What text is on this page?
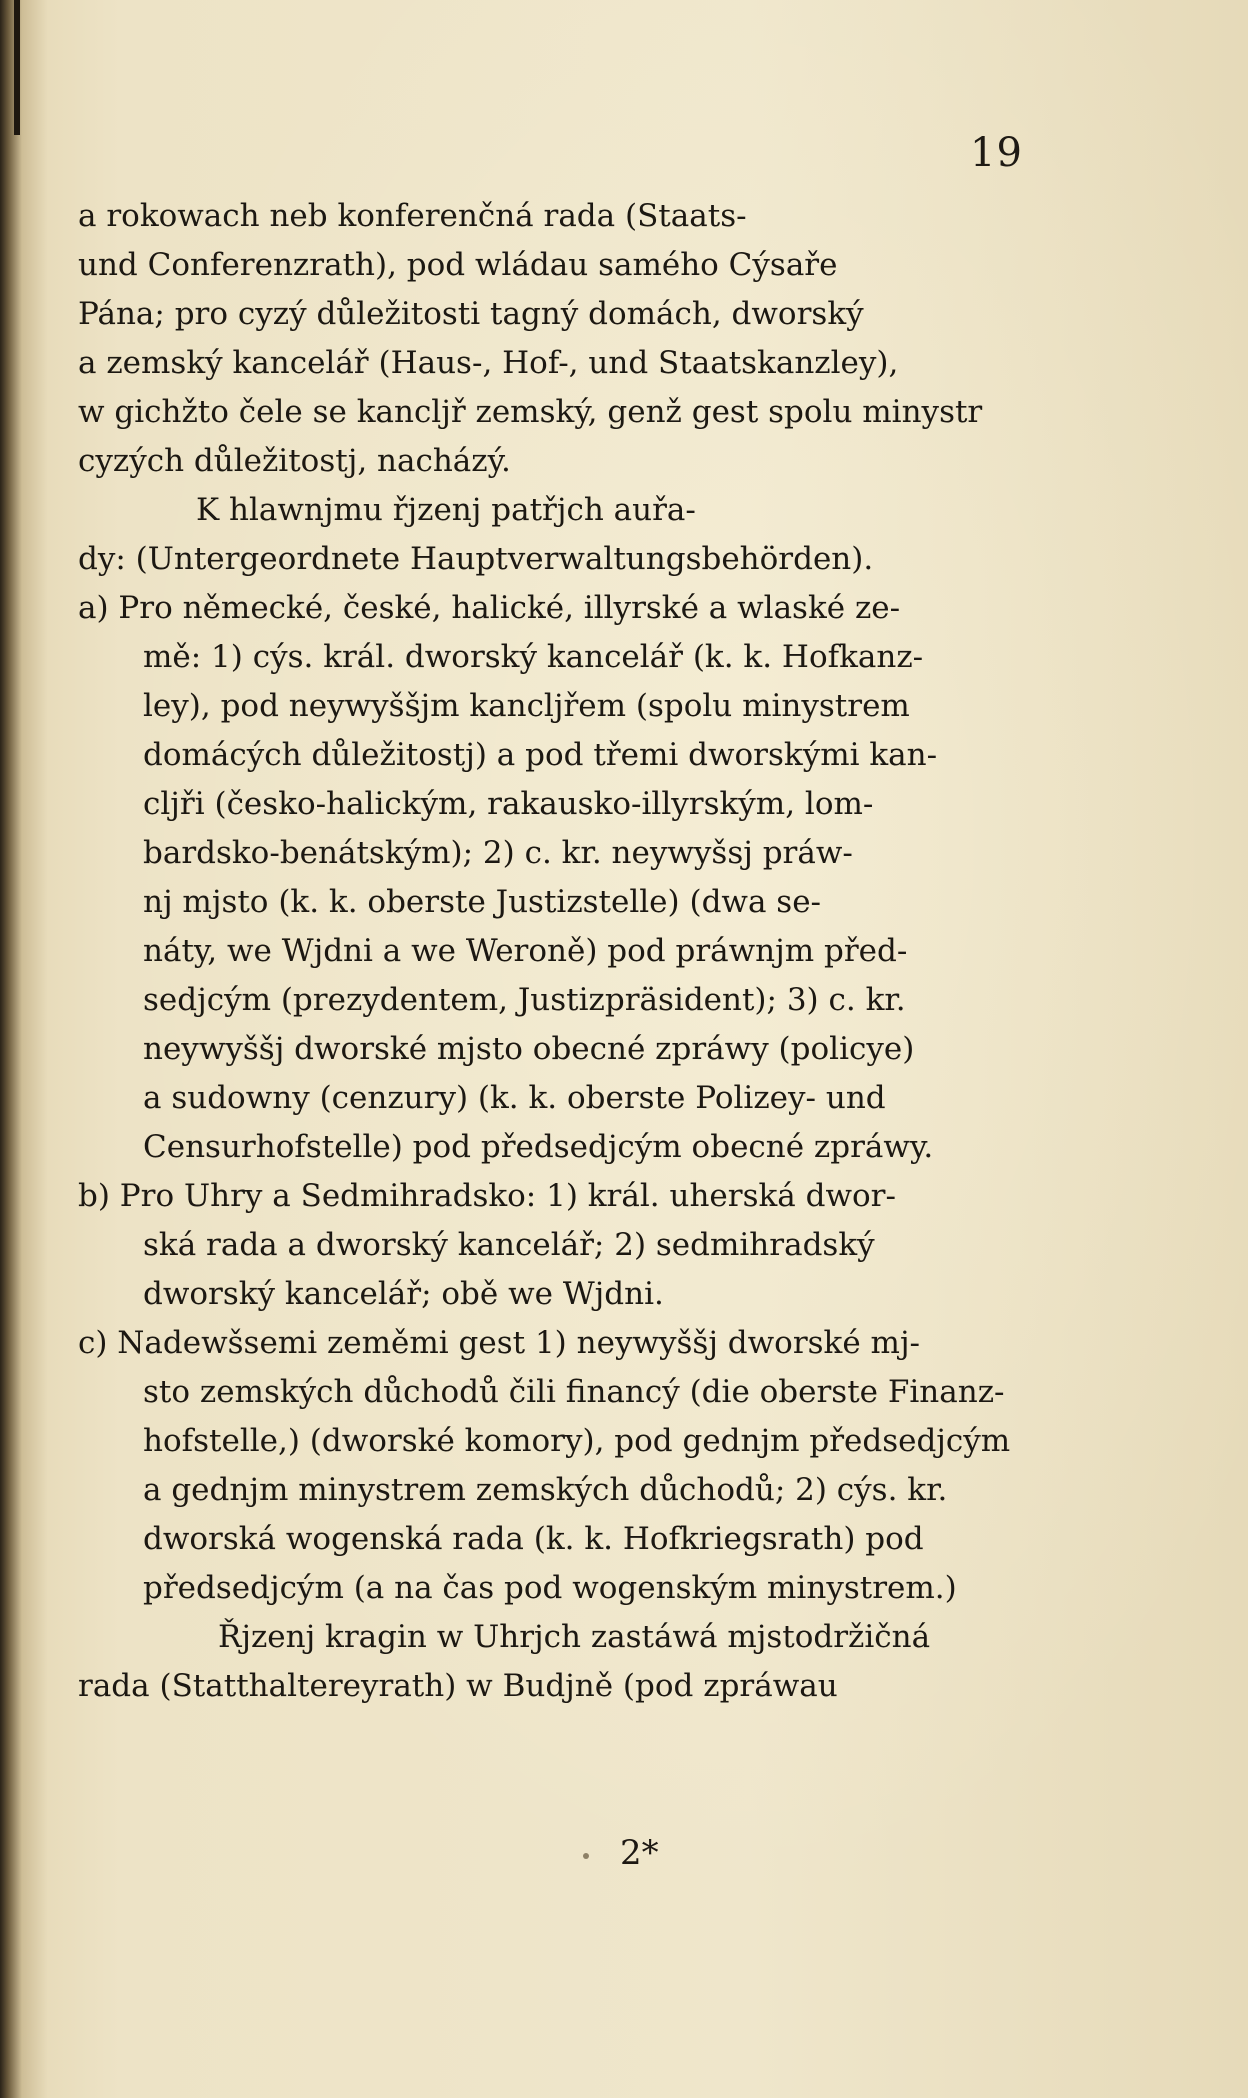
19
a rokowach neb konferenčná rada (Staats-
und Conferenzrath), pod wládau samého Cýsaře
Pána; pro cyzý důležitosti tagný domách, dworský
a zemský kancelář (Haus-, Hof-, und Staatskanzley),
w gichžto čele se kancljř zemský, genž gest spolu minystr
cyzých důležitostj, nacházý.
K hlawnjmu řjzenj patřjch auřa-
dy: (Untergeordnete Hauptverwaltungsbehörden).
a) Pro německé, české, halické, illyrské a wlaské ze-
mě: 1) cýs. král. dworský kancelář (k. k. Hofkanz-
ley), pod neywyššjm kancljřem (spolu minystrem
domácých důležitostj) a pod třemi dworskými kan-
cljři (česko-halickým, rakausko-illyrským, lom-
bardsko-benátským); 2) c. kr. neywyšsj práw-
nj mjsto (k. k. oberste Justizstelle) (dwa se-
náty, we Wjdni a we Weroně) pod práwnjm před-
sedjcým (prezydentem, Justizpräsident); 3) c. kr.
neywyššj dworské mjsto obecné zpráwy (policye)
a sudowny (cenzury) (k. k. oberste Polizey- und
Censurhofstelle) pod předsedjcým obecné zpráwy.
b) Pro Uhry a Sedmihradsko: 1) král. uherská dwor-
ská rada a dworský kancelář; 2) sedmihradský
dworský kancelář; obě we Wjdni.
c) Nadewšsemi zeměmi gest 1) neywyššj dworské mj-
sto zemských důchodů čili financý (die oberste Finanz-
hofstelle,) (dworské komory), pod gednjm předsedjcým
a gednjm minystrem zemských důchodů; 2) cýs. kr.
dworská wogenská rada (k. k. Hofkriegsrath) pod
předsedjcým (a na čas pod wogenským minystrem.)
Řjzenj kragin w Uhrjch zastáwá mjstodržičná
rada (Statthaltereyrath) w Budjně (pod zpráwau
2*
